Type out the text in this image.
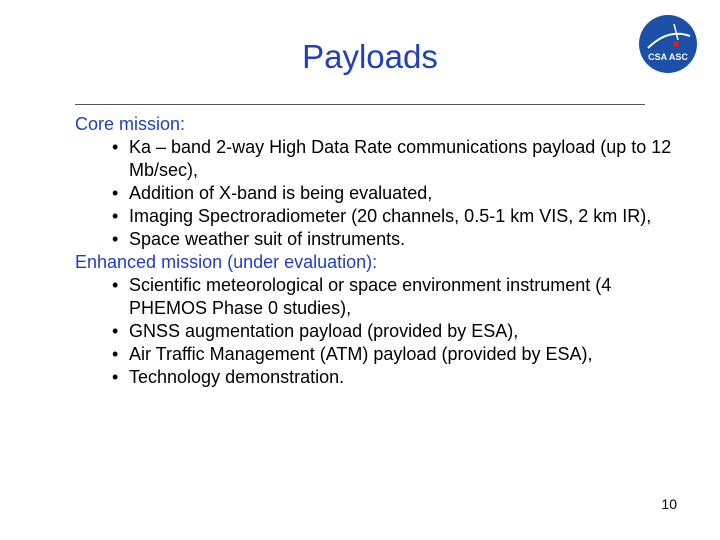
Payloads	CSA ASC
Core mission:
• Ka – band 2-way High Data Rate communications payload (up to 12 Mb/sec),
• Addition of X-band is being evaluated,
• Imaging Spectroradiometer (20 channels, 0.5-1 km VIS, 2 km IR),
• Space weather suit of instruments.
Enhanced mission (under evaluation):
• Scientific meteorological or space environment instrument (4 PHEMOS Phase 0 studies),
• GNSS augmentation payload (provided by ESA),
• Air Traffic Management (ATM) payload (provided by ESA),
• Technology demonstration.
10
